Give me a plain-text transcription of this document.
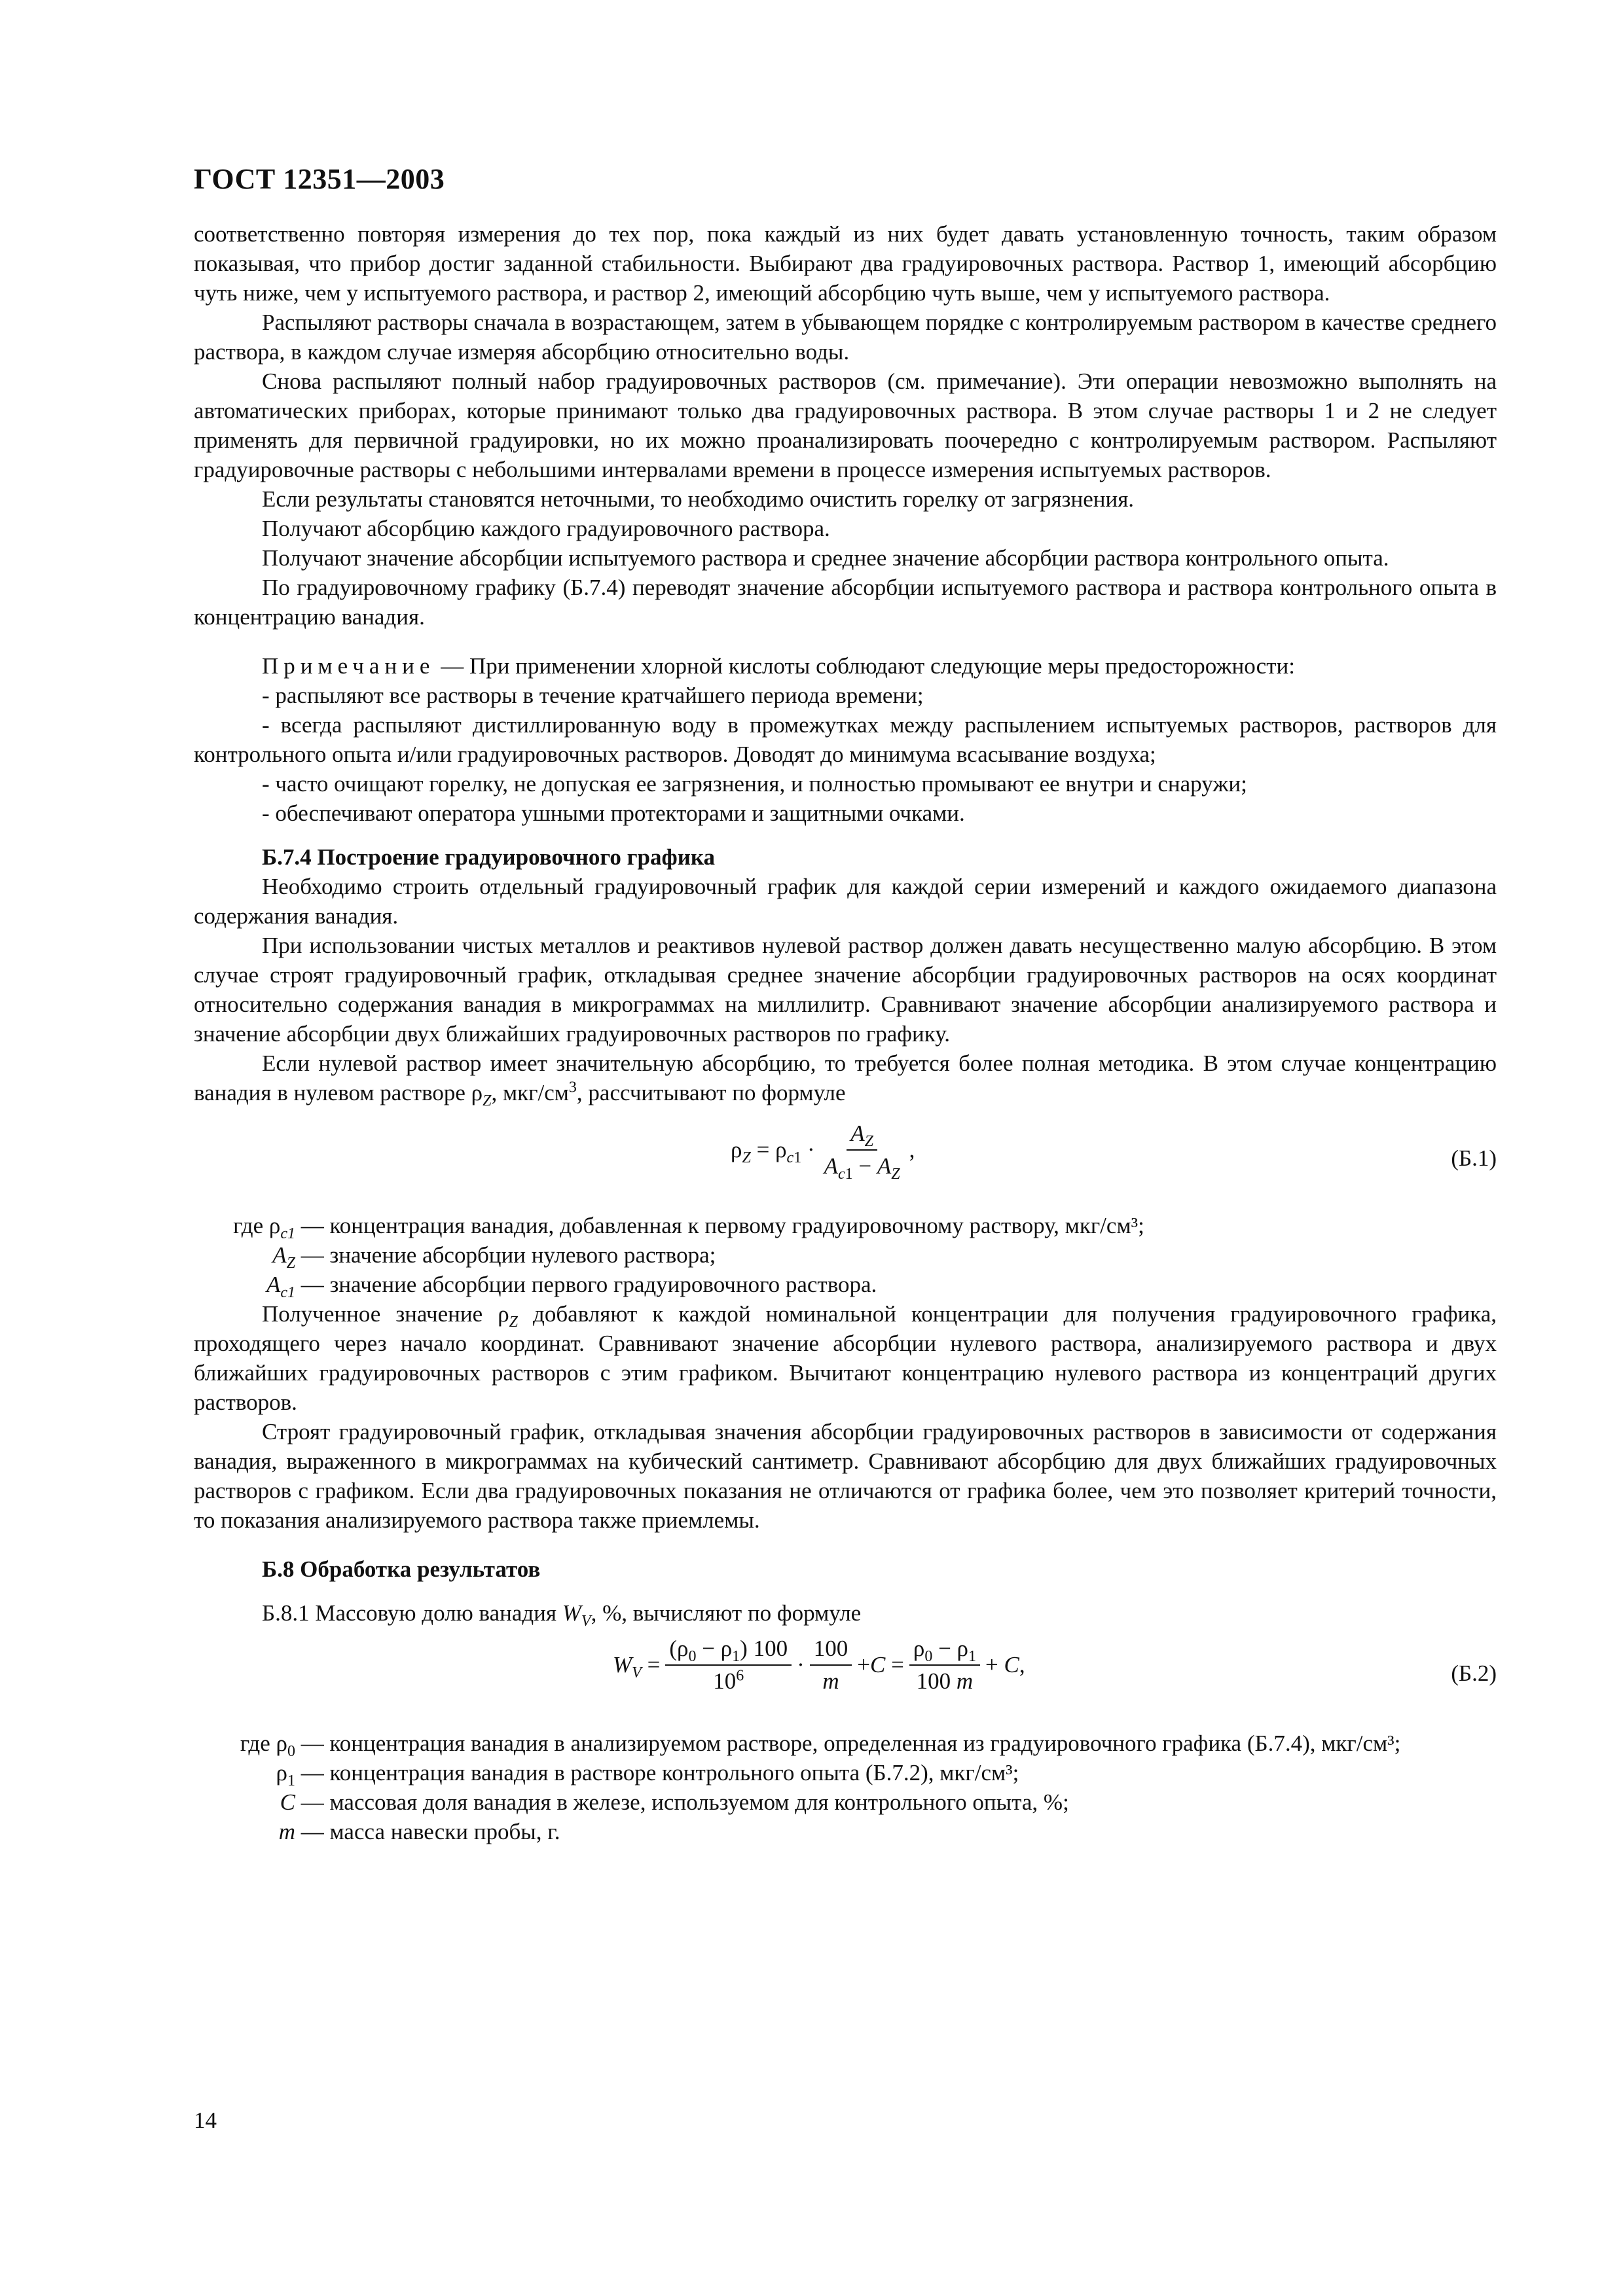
ГОСТ 12351—2003

соответственно повторяя измерения до тех пор, пока каждый из них будет давать установленную точность, таким образом показывая, что прибор достиг заданной стабильности. Выбирают два градуировочных раствора. Раствор 1, имеющий абсорбцию чуть ниже, чем у испытуемого раствора, и раствор 2, имеющий абсорбцию чуть выше, чем у испытуемого раствора.

Распыляют растворы сначала в возрастающем, затем в убывающем порядке с контролируемым раствором в качестве среднего раствора, в каждом случае измеряя абсорбцию относительно воды.

Снова распыляют полный набор градуировочных растворов (см. примечание). Эти операции невозможно выполнять на автоматических приборах, которые принимают только два градуировочных раствора. В этом случае растворы 1 и 2 не следует применять для первичной градуировки, но их можно проанализировать поочередно с контролируемым раствором. Распыляют градуировочные растворы с небольшими интервалами времени в процессе измерения испытуемых растворов.

Если результаты становятся неточными, то необходимо очистить горелку от загрязнения.

Получают абсорбцию каждого градуировочного раствора.

Получают значение абсорбции испытуемого раствора и среднее значение абсорбции раствора контрольного опыта.

По градуировочному графику (Б.7.4) переводят значение абсорбции испытуемого раствора и раствора контрольного опыта в концентрацию ванадия.

Примечание — При применении хлорной кислоты соблюдают следующие меры предосторожности:

- распыляют все растворы в течение кратчайшего периода времени;

- всегда распыляют дистиллированную воду в промежутках между распылением испытуемых растворов, растворов для контрольного опыта и/или градуировочных растворов. Доводят до минимума всасывание воздуха;

- часто очищают горелку, не допуская ее загрязнения, и полностью промывают ее внутри и снаружи;

- обеспечивают оператора ушными протекторами и защитными очками.

Б.7.4 Построение градуировочного графика

Необходимо строить отдельный градуировочный график для каждой серии измерений и каждого ожидаемого диапазона содержания ванадия.

При использовании чистых металлов и реактивов нулевой раствор должен давать несущественно малую абсорбцию. В этом случае строят градуировочный график, откладывая среднее значение абсорбции градуировочных растворов на осях координат относительно содержания ванадия в микрограммах на миллилитр. Сравнивают значение абсорбции анализируемого раствора и значение абсорбции двух ближайших градуировочных растворов по графику.

Если нулевой раствор имеет значительную абсорбцию, то требуется более полная методика. В этом случае концентрацию ванадия в нулевом растворе $\rho_Z$, мкг/$см^3$, рассчитывают по формуле

$\rho_Z = \rho_{c1} \cdot \frac{A_Z}{A_{c1} - A_Z}$ ,	(Б.1)
где $\rho_{c1}$
— концентрация ванадия, добавленная к первому градуировочному раствору, мкг/см³;
$A_Z$
— значение абсорбции нулевого раствора;
$A_{c1}$
— значение абсорбции первого градуировочного раствора.

Полученное значение $\rho_Z$ добавляют к каждой номинальной концентрации для получения градуировочного графика, проходящего через начало координат. Сравнивают значение абсорбции нулевого раствора, анализируемого раствора и двух ближайших градуировочных растворов с этим графиком. Вычитают концентрацию нулевого раствора из концентраций других растворов.

Строят градуировочный график, откладывая значения абсорбции градуировочных растворов в зависимости от содержания ванадия, выраженного в микрограммах на кубический сантиметр. Сравнивают абсорбцию для двух ближайших градуировочных растворов с графиком. Если два градуировочных показания не отличаются от графика более, чем это позволяет критерий точности, то показания анализируемого раствора также приемлемы.

Б.8 Обработка результатов

Б.8.1 Массовую долю ванадия $W_V$, %, вычисляют по формуле

$W_V = \frac{(\rho_0 - \rho_1) 100}{10^6} \cdot \frac{100}{m} +C = \frac{\rho_0 - \rho_1}{100 m} + C$,	(Б.2)
где $\rho_0$
— концентрация ванадия в анализируемом растворе, определенная из градуировочного графика (Б.7.4), мкг/см³;
$\rho_1$
— концентрация ванадия в растворе контрольного опыта (Б.7.2), мкг/см³;
C
— массовая доля ванадия в железе, используемом для контрольного опыта, %;
m
— масса навески пробы, г.
14
